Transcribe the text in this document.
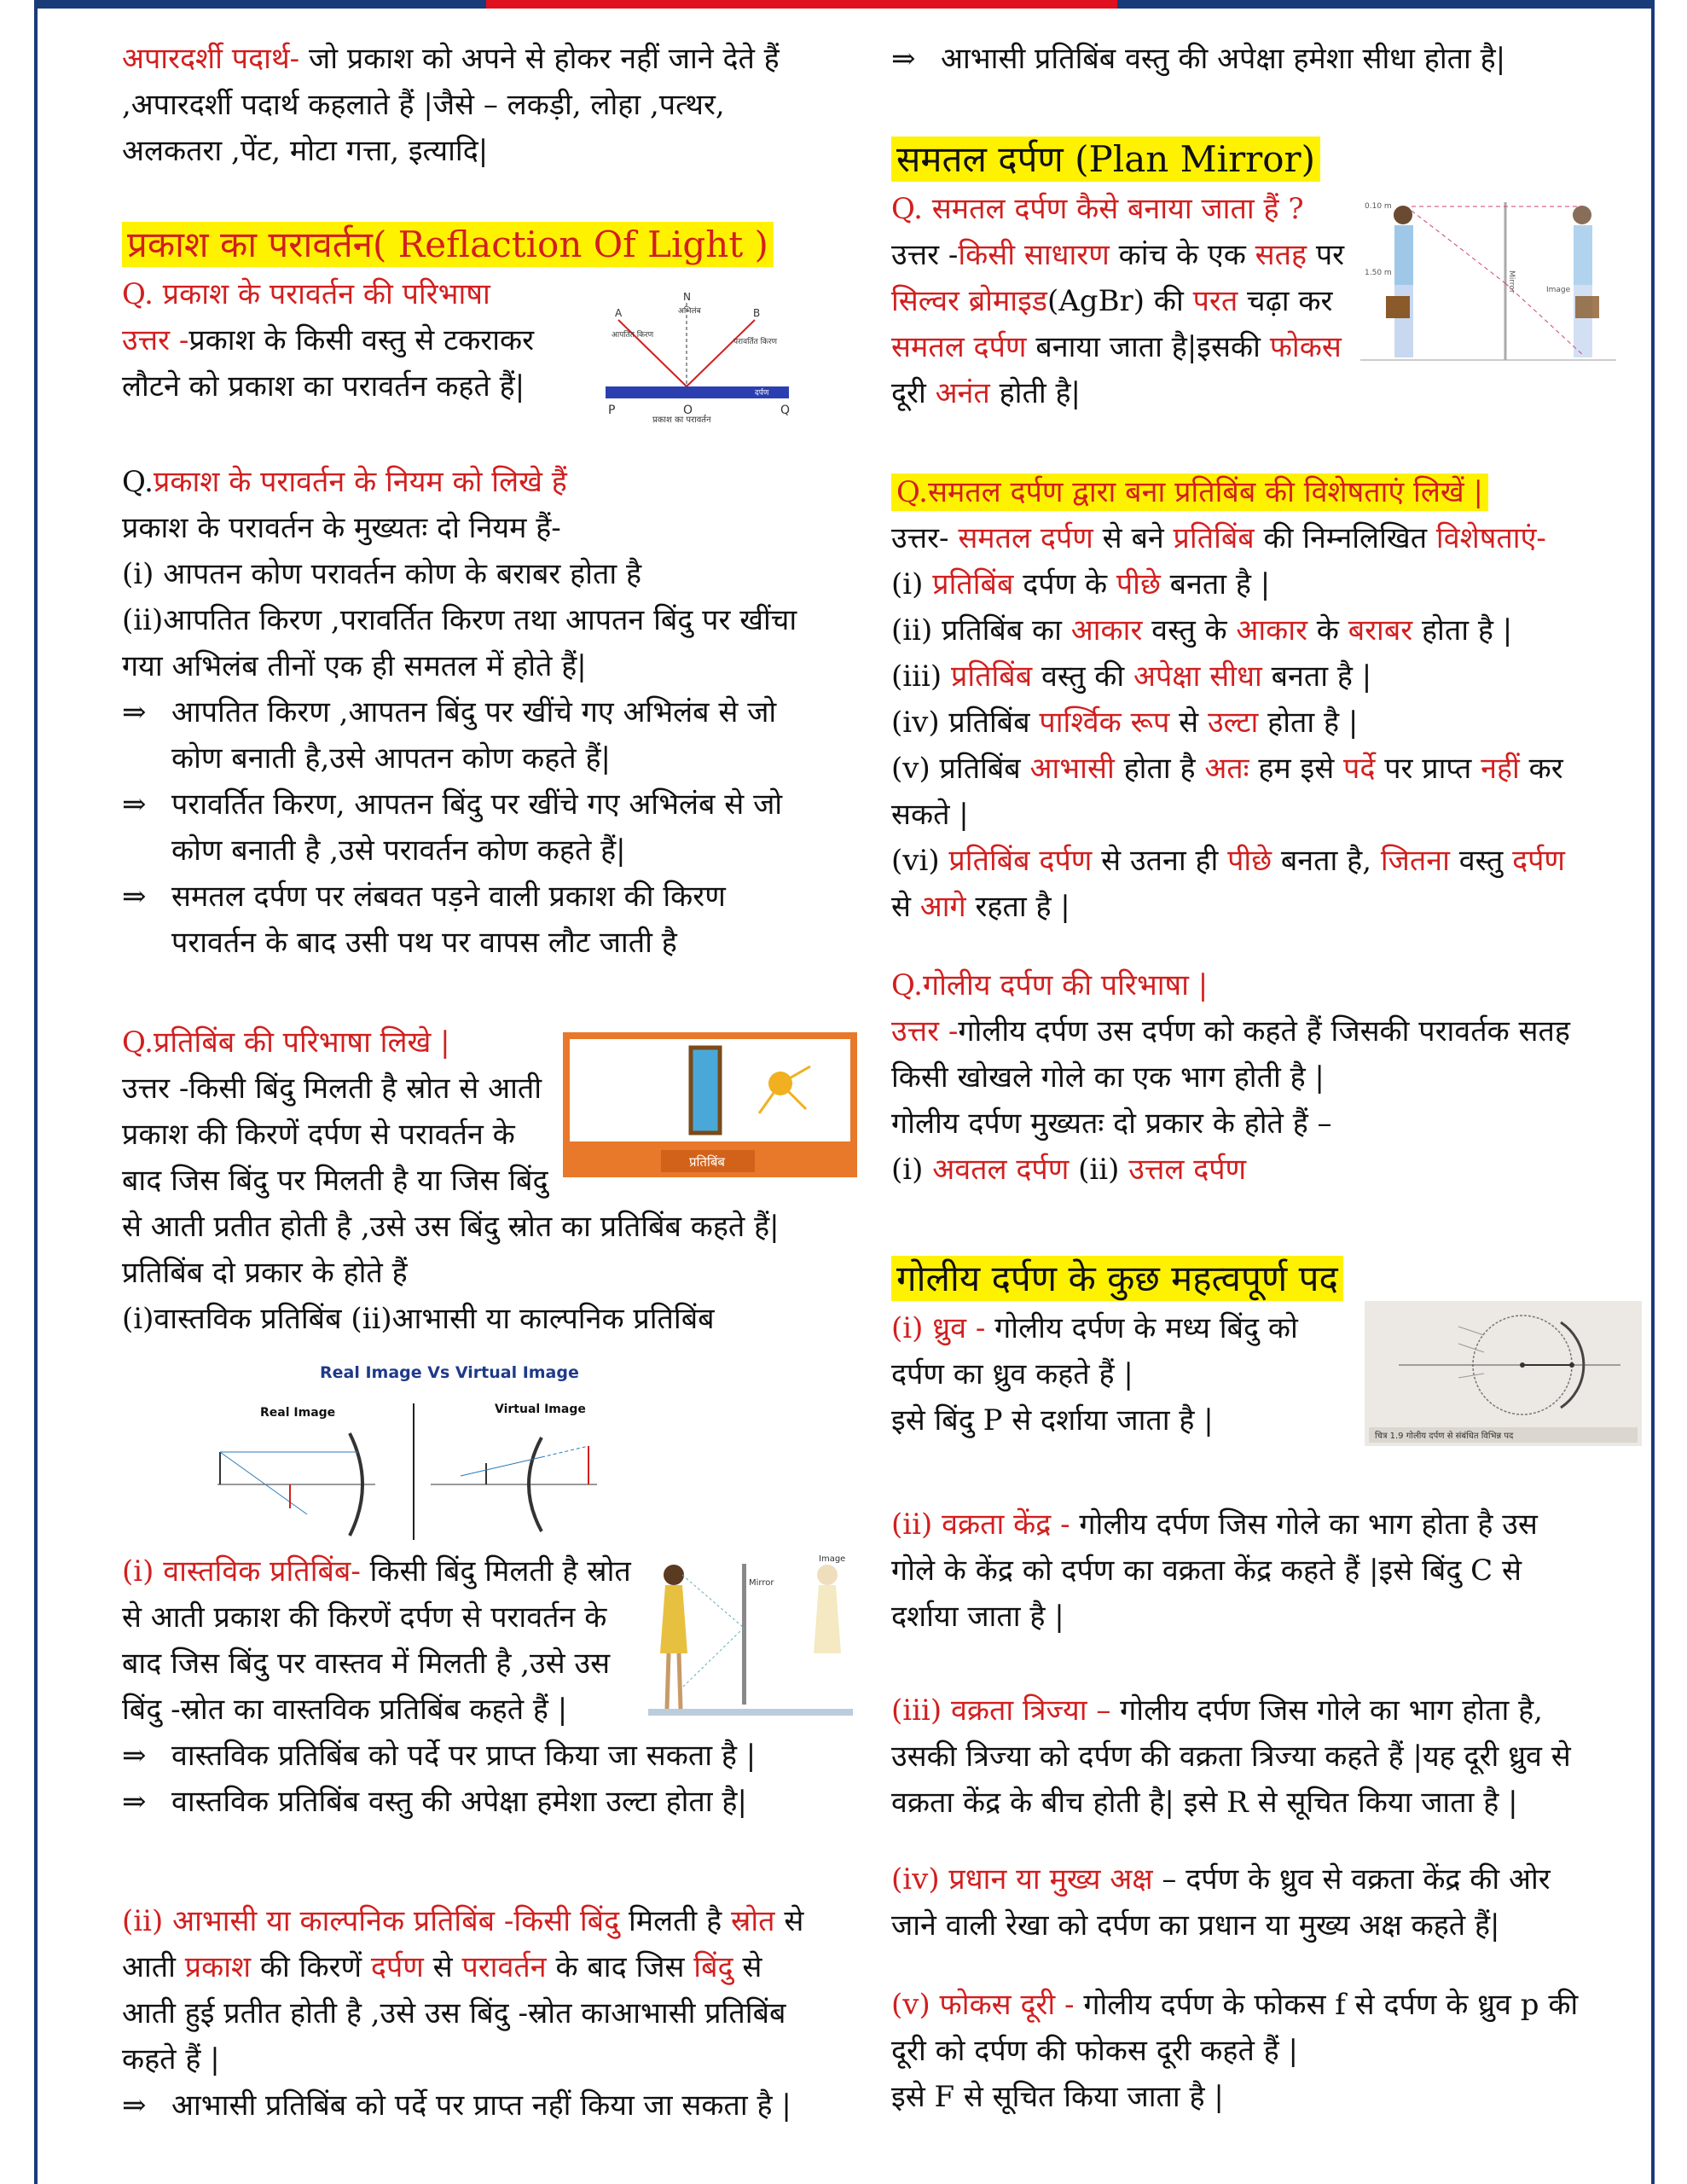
अपारदर्शी पदार्थ- जो प्रकाश को अपने से होकर नहीं जाने देते हैं

,अपारदर्शी पदार्थ कहलाते हैं |जैसे – लकड़ी, लोहा ,पत्थर,

अलकतरा ,पेंट, मोटा गत्ता, इत्यादि|

प्रकाश का परावर्तन( Reflaction Of Light )

Q. प्रकाश के परावर्तन की परिभाषा

उत्तर -प्रकाश के किसी वस्तु से टकराकर

लौटने को प्रकाश का परावर्तन कहते हैं|

आपतित किरण
परावर्तित किरण
अभिलंब
N
A	B
दर्पण
P	O	Q
प्रकाश का परावर्तन

Q.प्रकाश के परावर्तन के नियम को लिखे हैं

प्रकाश के परावर्तन के मुख्यतः दो नियम हैं-

(i) आपतन कोण परावर्तन कोण के बराबर होता है

(ii)आपतित किरण ,परावर्तित किरण तथा आपतन बिंदु पर खींचा

गया अभिलंब तीनों एक ही समतल में होते हैं|

⇒ आपतित किरण ,आपतन बिंदु पर खींचे गए अभिलंब से जो

कोण बनाती है,उसे आपतन कोण कहते हैं|

⇒ परावर्तित किरण, आपतन बिंदु पर खींचे गए अभिलंब से जो

कोण बनाती है ,उसे परावर्तन कोण कहते हैं|

⇒ समतल दर्पण पर लंबवत पड़ने वाली प्रकाश की किरण

परावर्तन के बाद उसी पथ पर वापस लौट जाती है

Q.प्रतिबिंब की परिभाषा लिखे |

उत्तर -किसी बिंदु मिलती है स्रोत से आती

प्रकाश की किरणें दर्पण से परावर्तन के

बाद जिस बिंदु पर मिलती है या जिस बिंदु

से आती प्रतीत होती है ,उसे उस बिंदु स्रोत का प्रतिबिंब कहते हैं|

प्रतिबिंब दो प्रकार के होते हैं

(i)वास्तविक प्रतिबिंब (ii)आभासी या काल्पनिक प्रतिबिंब

प्रतिबिंब
Real Image Vs Virtual Image
Real Image	Virtual Image
Mirror
Image

(i) वास्तविक प्रतिबिंब- किसी बिंदु मिलती है स्रोत

से आती प्रकाश की किरणें दर्पण से परावर्तन के

बाद जिस बिंदु पर वास्तव में मिलती है ,उसे उस

बिंदु -स्रोत का वास्तविक प्रतिबिंब कहते हैं |

⇒ वास्तविक प्रतिबिंब को पर्दे पर प्राप्त किया जा सकता है |

⇒ वास्तविक प्रतिबिंब वस्तु की अपेक्षा हमेशा उल्टा होता है|

(ii) आभासी या काल्पनिक प्रतिबिंब -किसी बिंदु मिलती है स्रोत से

आती प्रकाश की किरणें दर्पण से परावर्तन के बाद जिस बिंदु से

आती हुई प्रतीत होती है ,उसे उस बिंदु -स्रोत काआभासी प्रतिबिंब

कहते हैं |

⇒ आभासी प्रतिबिंब को पर्दे पर प्राप्त नहीं किया जा सकता है |

⇒ आभासी प्रतिबिंब वस्तु की अपेक्षा हमेशा सीधा होता है|

समतल दर्पण (Plan Mirror)

Q. समतल दर्पण कैसे बनाया जाता हैं ?

उत्तर -किसी साधारण कांच के एक सतह पर

सिल्वर ब्रोमाइड(AgBr) की परत चढ़ा कर

समतल दर्पण बनाया जाता है|इसकी फोकस

दूरी अनंत होती है|

Mirror
0.10 m
1.50 m
Image

Q.समतल दर्पण द्वारा बना प्रतिबिंब की विशेषताएं लिखें |

उत्तर- समतल दर्पण से बने प्रतिबिंब की निम्नलिखित विशेषताएं-

(i) प्रतिबिंब दर्पण के पीछे बनता है |

(ii) प्रतिबिंब का आकार वस्तु के आकार के बराबर होता है |

(iii) प्रतिबिंब वस्तु की अपेक्षा सीधा बनता है |

(iv) प्रतिबिंब पार्श्विक रूप से उल्टा होता है |

(v) प्रतिबिंब आभासी होता है अतः हम इसे पर्दे पर प्राप्त नहीं कर

सकते |

(vi) प्रतिबिंब दर्पण से उतना ही पीछे बनता है, जितना वस्तु दर्पण

से आगे रहता है |

Q.गोलीय दर्पण की परिभाषा |

उत्तर -गोलीय दर्पण उस दर्पण को कहते हैं जिसकी परावर्तक सतह

किसी खोखले गोले का एक भाग होती है |

गोलीय दर्पण मुख्यतः दो प्रकार के होते हैं –

(i) अवतल दर्पण (ii) उत्तल दर्पण

गोलीय दर्पण के कुछ महत्वपूर्ण पद

(i) ध्रुव - गोलीय दर्पण के मध्य बिंदु को

दर्पण का ध्रुव कहते हैं |

इसे बिंदु P से दर्शाया जाता है |	चित्र 1.9 गोलीय दर्पण से संबंधित विभिन्न पद

(ii) वक्रता केंद्र - गोलीय दर्पण जिस गोले का भाग होता है उस

गोले के केंद्र को दर्पण का वक्रता केंद्र कहते हैं |इसे बिंदु C से

दर्शाया जाता है |

(iii) वक्रता त्रिज्या – गोलीय दर्पण जिस गोले का भाग होता है,

उसकी त्रिज्या को दर्पण की वक्रता त्रिज्या कहते हैं |यह दूरी ध्रुव से

वक्रता केंद्र के बीच होती है| इसे R से सूचित किया जाता है |

(iv) प्रधान या मुख्य अक्ष – दर्पण के ध्रुव से वक्रता केंद्र की ओर

जाने वाली रेखा को दर्पण का प्रधान या मुख्य अक्ष कहते हैं|

(v) फोकस दूरी - गोलीय दर्पण के फोकस f से दर्पण के ध्रुव p की

दूरी को दर्पण की फोकस दूरी कहते हैं |

इसे F से सूचित किया जाता है |
